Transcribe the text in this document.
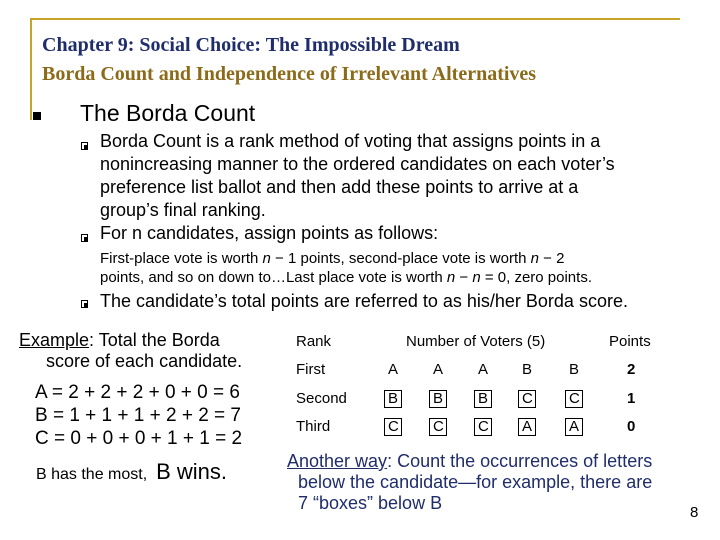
Chapter 9: Social Choice: The Impossible Dream
Borda Count and Independence of Irrelevant Alternatives
The Borda Count
Borda Count is a rank method of voting that assigns points in a
nonincreasing manner to the ordered candidates on each voter’s
preference list ballot and then add these points to arrive at a
group’s final ranking.
For n candidates, assign points as follows:
First-place vote is worth n − 1 points, second-place vote is worth n − 2
points, and so on down to…Last place vote is worth n − n = 0, zero points.
The candidate’s total points are referred to as his/her Borda score.
Example: Total the Borda
score of each candidate.
A = 2 + 2 + 2 + 0 + 0 = 6
B = 1 + 1 + 1 + 2 + 2 = 7
C = 0 + 0 + 0 + 1 + 1 = 2
B has the most, B wins.
Rank	Number of Voters (5)	Points
First	A A A B B	2
Second	B B B C C	1
Third	C C C A A	0
Another way: Count the occurrences of letters
below the candidate—for example, there are
7 “boxes” below B	8
